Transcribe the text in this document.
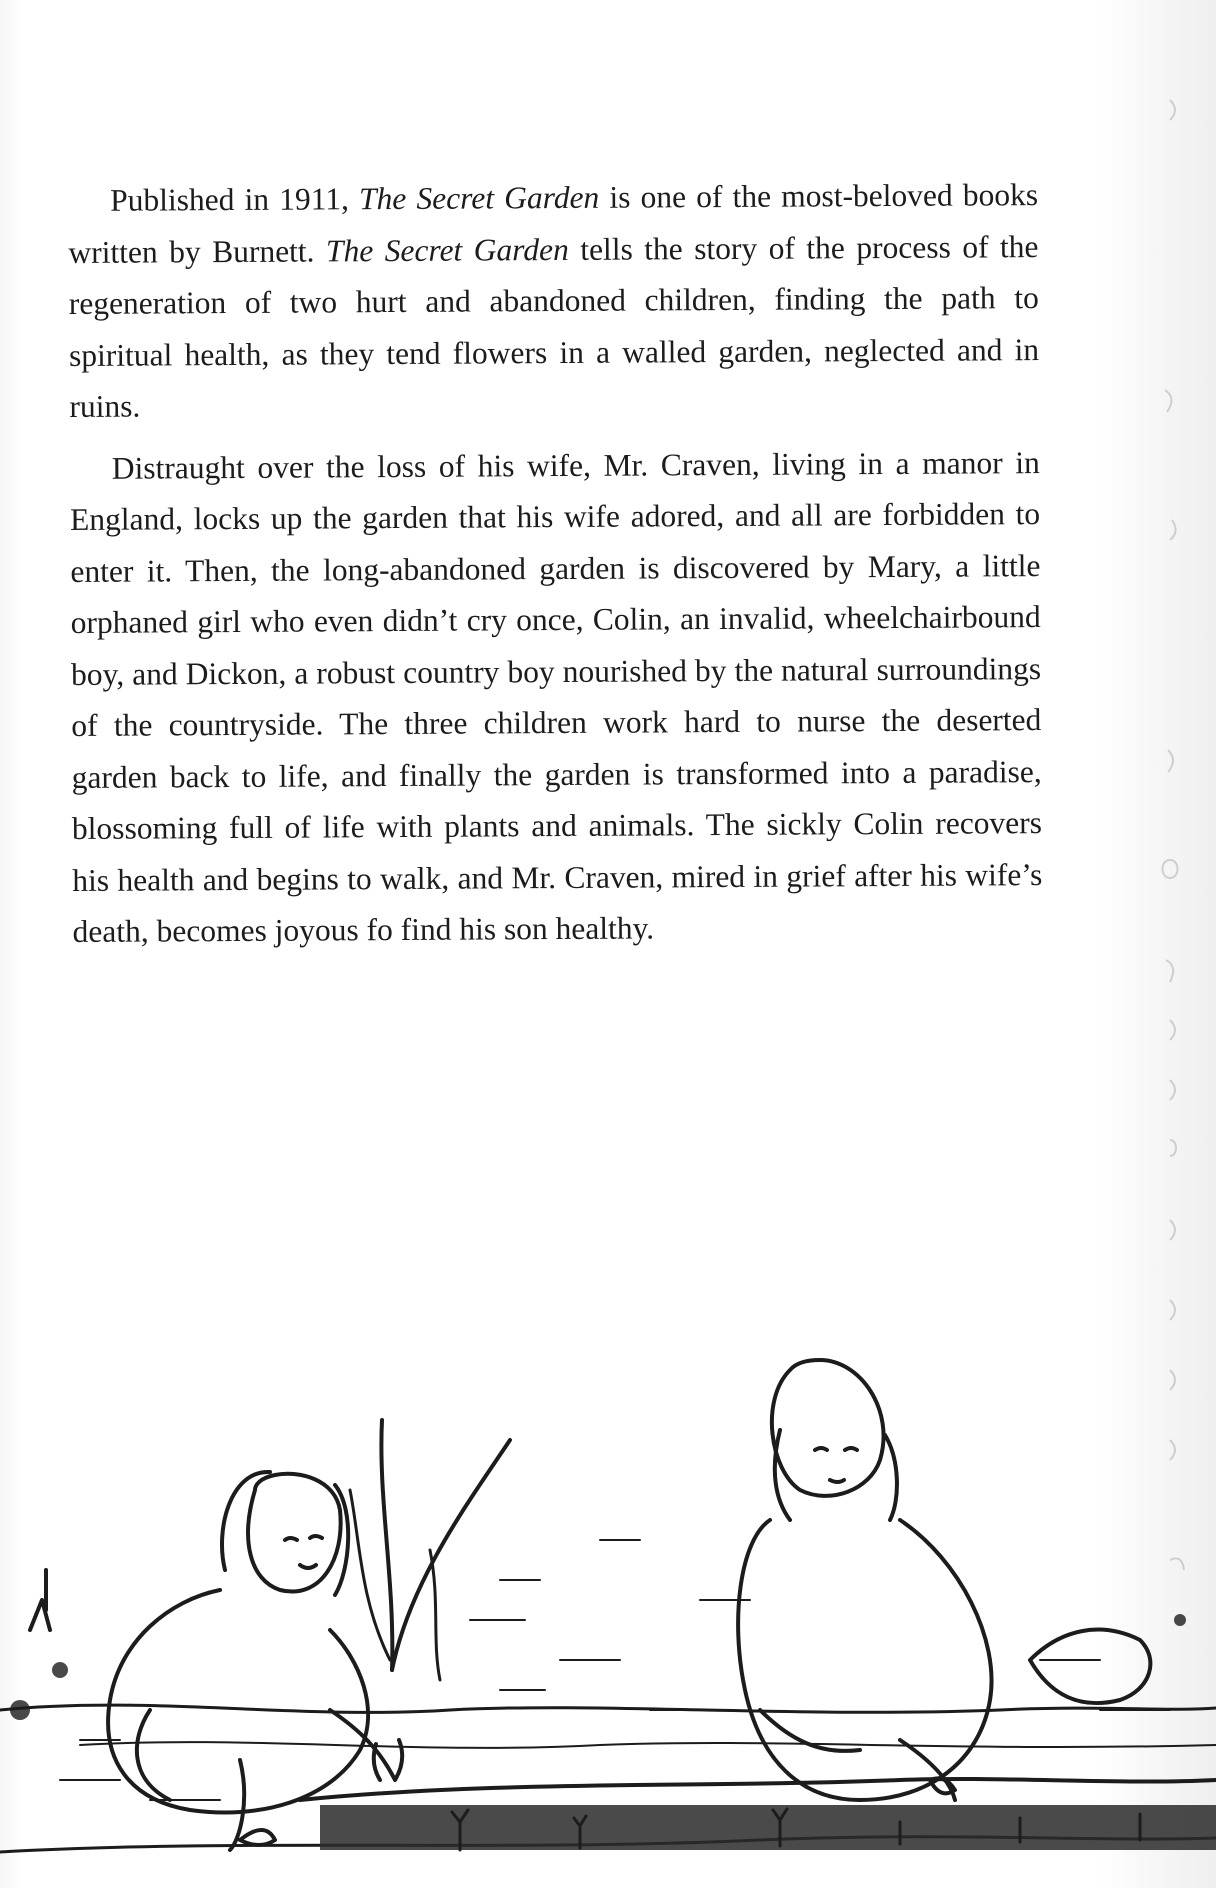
Published in 1911, The Secret Garden is one of the most-beloved books written by Burnett. The Secret Garden tells the story of the process of the regeneration of two hurt and abandoned children, finding the path to spiritual health, as they tend flowers in a walled garden, neglected and in ruins.

Distraught over the loss of his wife, Mr. Craven, living in a manor in England, locks up the garden that his wife adored, and all are forbidden to enter it. Then, the long-abandoned garden is discovered by Mary, a little orphaned girl who even didn’t cry once, Colin, an invalid, wheelchairbound boy, and Dickon, a robust country boy nourished by the natural surroundings of the countryside. The three children work hard to nurse the deserted garden back to life, and finally the garden is transformed into a paradise, blossoming full of life with plants and animals. The sickly Colin recovers his health and begins to walk, and Mr. Craven, mired in grief after his wife’s death, becomes joyous fo find his son healthy.
